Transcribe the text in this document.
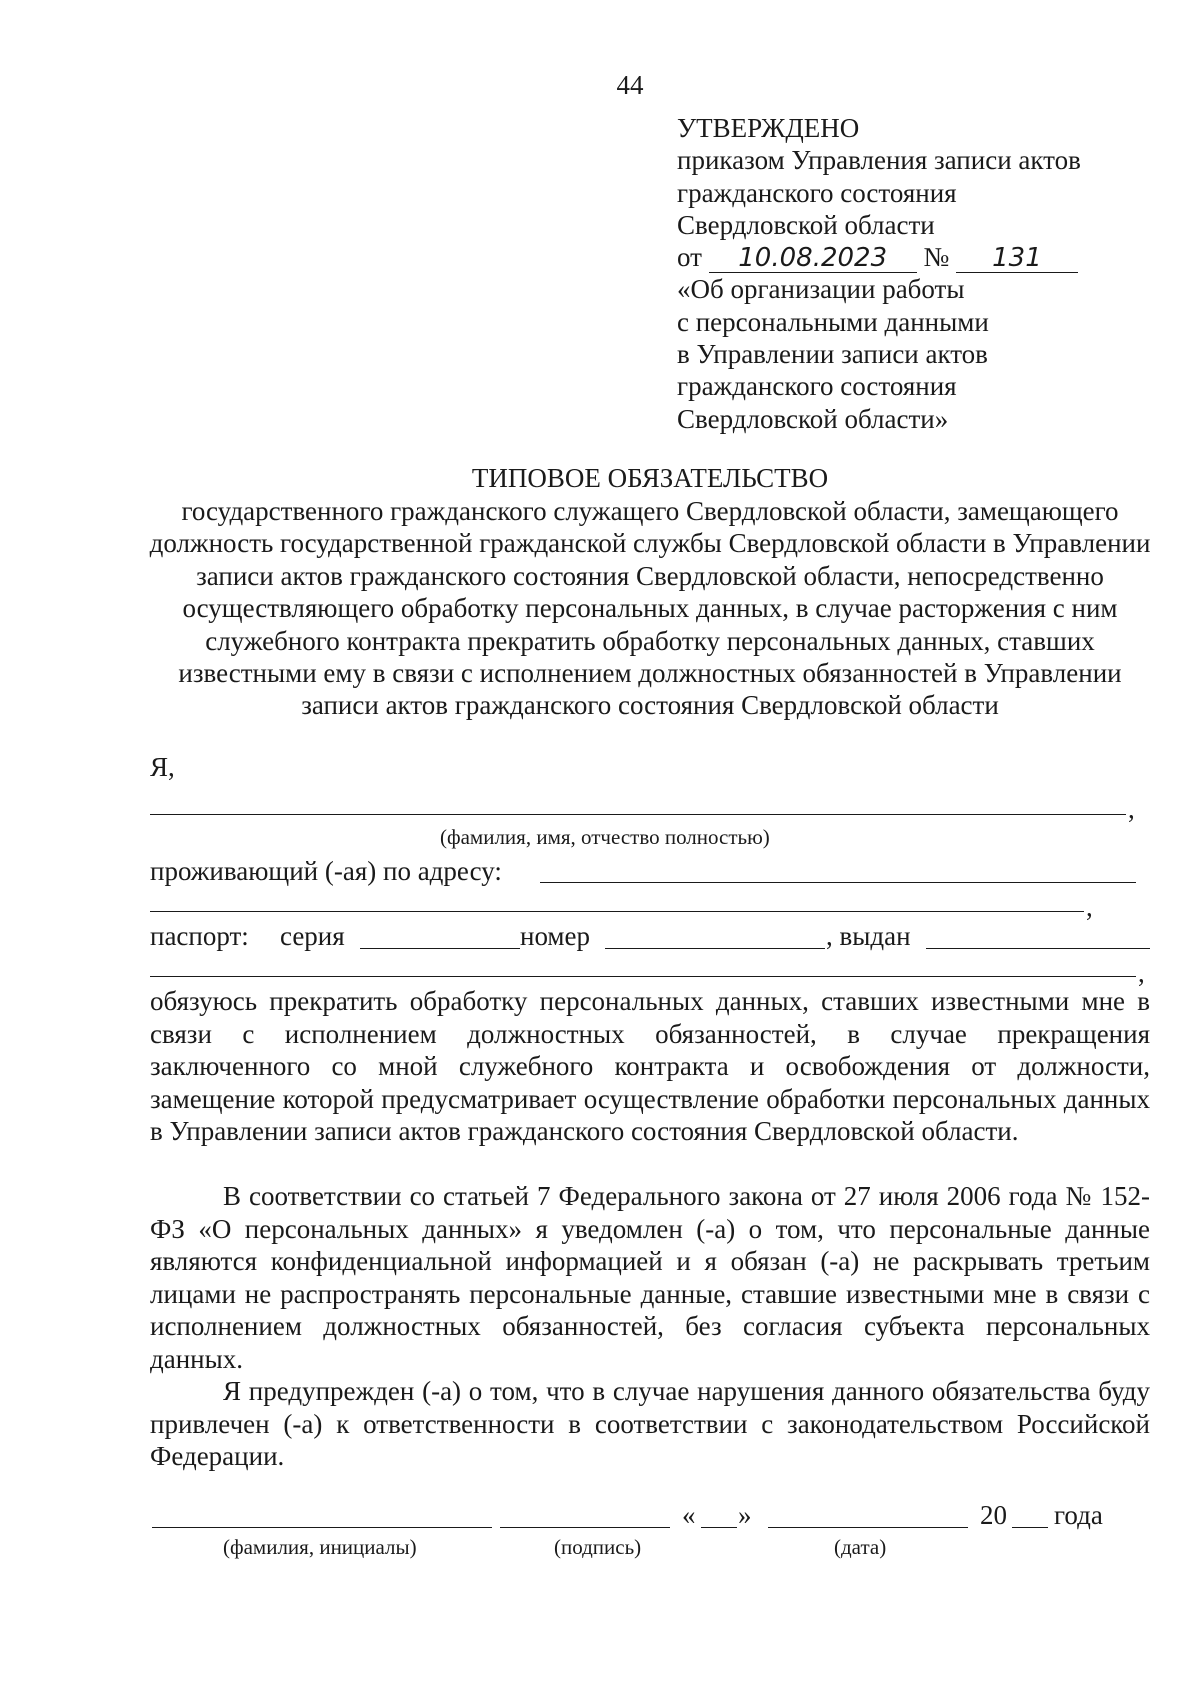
44
УТВЕРЖДЕНО
приказом Управления записи актов
гражданского состояния
Свердловской области
от 10.08.2023 № 131
«Об организации работы
с персональными данными
в Управлении записи актов
гражданского состояния
Свердловской области»
ТИПОВОЕ ОБЯЗАТЕЛЬСТВО
государственного гражданского служащего Свердловской области, замещающего должность государственной гражданской службы Свердловской области в Управлении записи актов гражданского состояния Свердловской области, непосредственно осуществляющего обработку персональных данных, в случае расторжения с ним служебного контракта прекратить обработку персональных данных, ставших известными ему в связи с исполнением должностных обязанностей в Управлении записи актов гражданского состояния Свердловской области
Я,
,
(фамилия, имя, отчество полностью)
проживающий (-ая) по адресу:
,
паспорт: серия	номер	, выдан
,
обязуюсь прекратить обработку персональных данных, ставших известными мне в связи с исполнением должностных обязанностей, в случае прекращения заключенного со мной служебного контракта и освобождения от должности, замещение которой предусматривает осуществление обработки персональных данных в Управлении записи актов гражданского состояния Свердловской области.
В соответствии со статьей 7 Федерального закона от 27 июля 2006 года № 152-ФЗ «О персональных данных» я уведомлен (-а) о том, что персональные данные являются конфиденциальной информацией и я обязан (-а) не раскрывать третьим лицами не распространять персональные данные, ставшие известными мне в связи с исполнением должностных обязанностей, без согласия субъекта персональных данных.
Я предупрежден (-а) о том, что в случае нарушения данного обязательства буду привлечен (-а) к ответственности в соответствии с законодательством Российской Федерации.
« »	20 года
(фамилия, инициалы)	(подпись)	(дата)
